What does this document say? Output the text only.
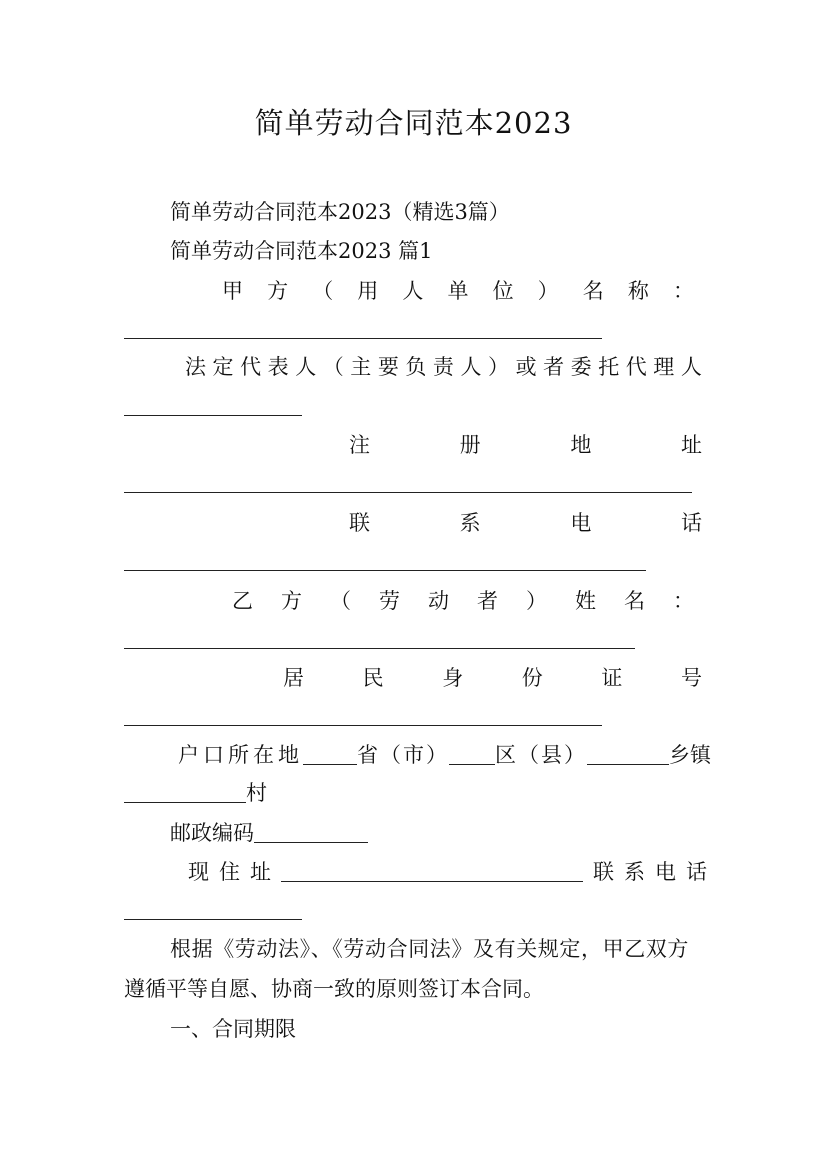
简单劳动合同范本2023
简单劳动合同范本2023（精选3篇）
简单劳动合同范本2023 篇1
甲 方 （ 用 人 单 位 ） 名 称 ：
法 定 代 表 人 （ 主 要 负 责 人 ） 或 者 委 托 代 理 人
注	册	地	址
联	系	电	话
乙 方 （ 劳 动 者 ） 姓 名 ：
居	民	身	份	证	号
户口所在地	省（市） 区（县）	乡镇
村
邮政编码
现住址	联系电话
根据《劳动法》、《劳动合同法》及有关规定，甲乙双方
遵循平等自愿、协商一致的原则签订本合同。
一、合同期限
